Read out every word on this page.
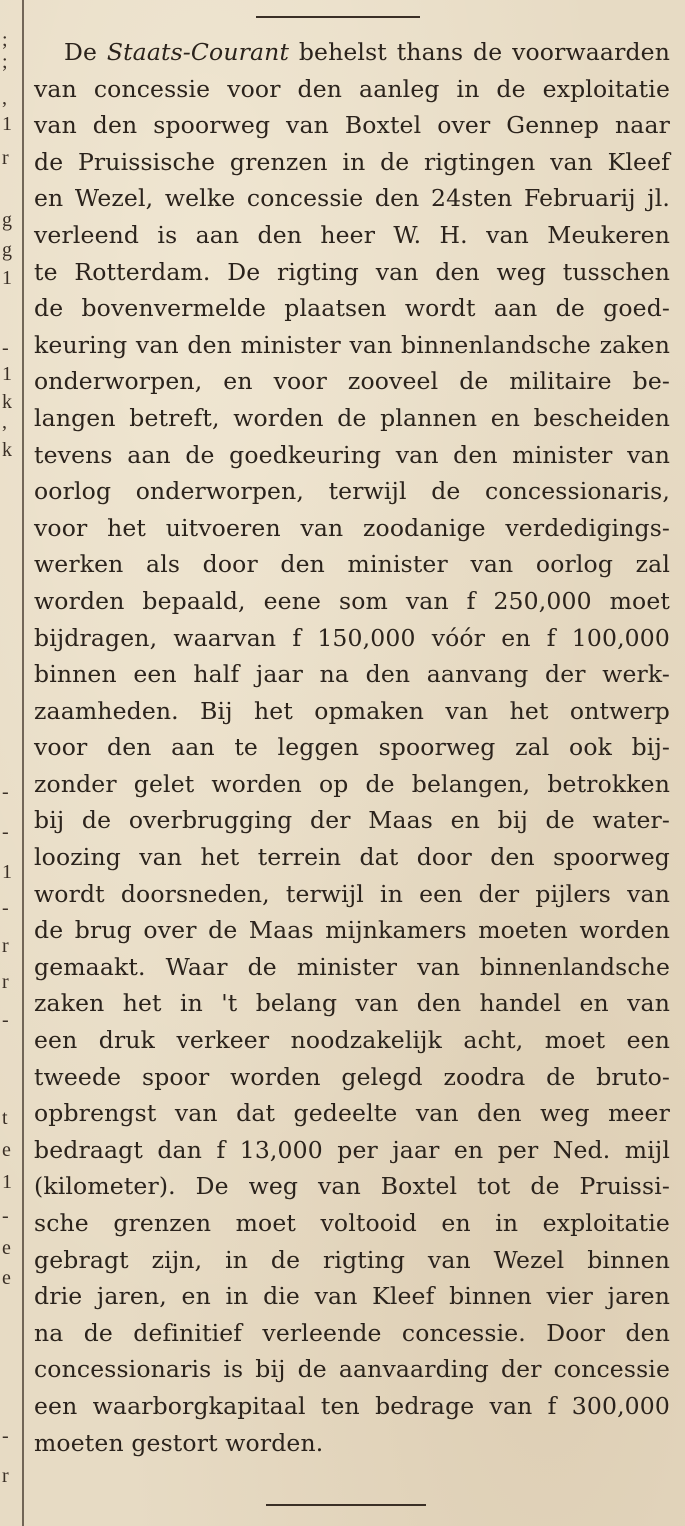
;
;
,
1
r
g
g
1
-
1
k
,
k
-
-
1
-
r
r
-
t
e
1
-
e
e
-
r
De Staats-Courant behelst thans de voorwaarden
van concessie voor den aanleg in de exploitatie
van den spoorweg van Boxtel over Gennep naar
de Pruissische grenzen in de rigtingen van Kleef
en Wezel, welke concessie den 24sten Februarij jl.
verleend is aan den heer W. H. van Meukeren
te Rotterdam. De rigting van den weg tusschen
de bovenvermelde plaatsen wordt aan de goed-
keuring van den minister van binnenlandsche zaken
onderworpen, en voor zooveel de militaire be-
langen betreft, worden de plannen en bescheiden
tevens aan de goedkeuring van den minister van
oorlog onderworpen, terwijl de concessionaris,
voor het uitvoeren van zoodanige verdedigings-
werken als door den minister van oorlog zal
worden bepaald, eene som van f 250,000 moet
bijdragen, waarvan f 150,000 vóór en f 100,000
binnen een half jaar na den aanvang der werk-
zaamheden. Bij het opmaken van het ontwerp
voor den aan te leggen spoorweg zal ook bij-
zonder gelet worden op de belangen, betrokken
bij de overbrugging der Maas en bij de water-
loozing van het terrein dat door den spoorweg
wordt doorsneden, terwijl in een der pijlers van
de brug over de Maas mijnkamers moeten worden
gemaakt. Waar de minister van binnenlandsche
zaken het in 't belang van den handel en van
een druk verkeer noodzakelijk acht, moet een
tweede spoor worden gelegd zoodra de bruto-
opbrengst van dat gedeelte van den weg meer
bedraagt dan f 13,000 per jaar en per Ned. mijl
(kilometer). De weg van Boxtel tot de Pruissi-
sche grenzen moet voltooid en in exploitatie
gebragt zijn, in de rigting van Wezel binnen
drie jaren, en in die van Kleef binnen vier jaren
na de definitief verleende concessie. Door den
concessionaris is bij de aanvaarding der concessie
een waarborgkapitaal ten bedrage van f 300,000
moeten gestort worden.
